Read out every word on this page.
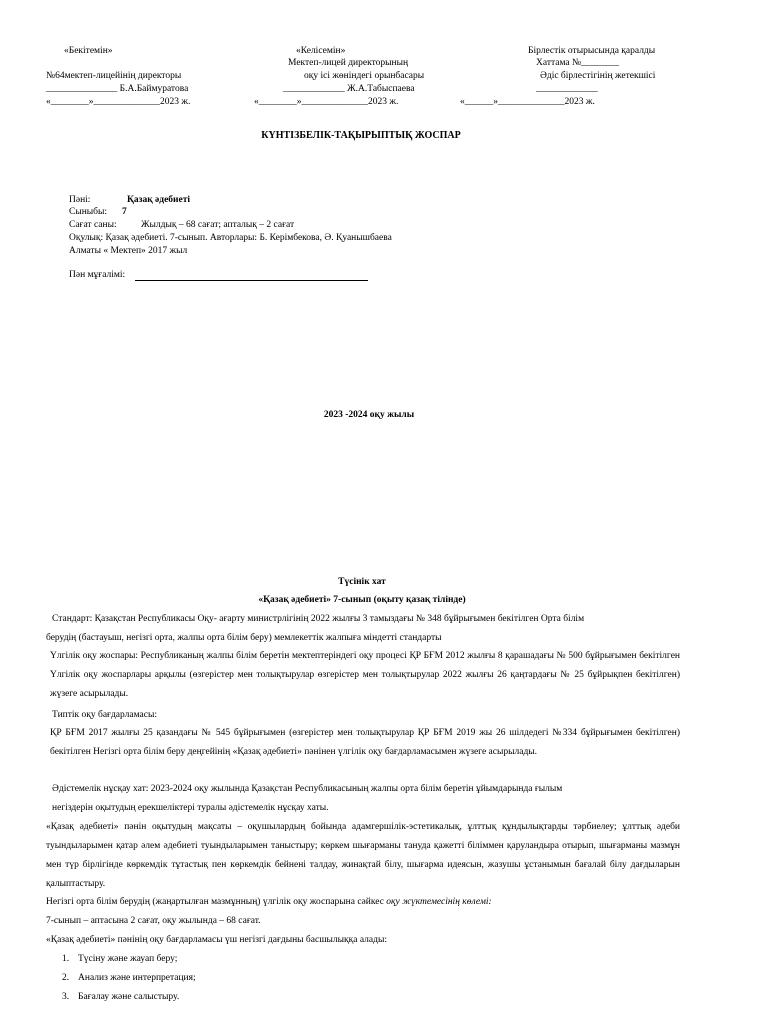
«Бекітемін»
№64мектеп-лицейінің директоры
_______________ Б.А.Баймуратова
«________»______________2023 ж.
«Келісемін»
Мектеп-лицей директорының
оқу ісі жөніндегі орынбасары
_____________ Ж.А.Табыспаева
«________»______________2023 ж.
Бірлестік отырысында қаралды
Хаттама №________
Әдіс бірлестігінің жетекшісі
_____________
«______»______________2023 ж.
КҮНТІЗБЕЛІК-ТАҚЫРЫПТЫҚ ЖОСПАР
Пәні:	Қазақ әдебиеті
Сыныбы: 7
Сағат саны:	Жылдық – 68 сағат; апталық – 2 сағат
Оқулық: Қазақ әдебиеті. 7-сынып. Авторлары: Б. Керімбекова, Ә. Қуанышбаева
Алматы « Мектеп» 2017 жыл
Пән мұғалімі:
2023 -2024 оқу жылы
Түсінік хат
«Қазақ әдебиеті» 7-сынып (оқыту қазақ тілінде)
Стандарт: Қазақстан Республикасы Оқу- ағарту министрлігінің 2022 жылғы 3 тамыздағы № 348 бұйрығымен бекітілген Орта білім
берудің (бастауыш, негізгі орта, жалпы орта білім беру) мемлекеттік жалпыға міндетті стандарты
Үлгілік оқу жоспары: Республиканың жалпы білім беретін мектептеріндегі оқу процесі ҚР БҒМ 2012 жылғы 8 қарашадағы № 500 бұйрығымен бекітілген Үлгілік оқу жоспарлары арқылы (өзгерістер мен толықтырулар өзгерістер мен толықтырулар 2022 жылғы 26 қаңтардағы № 25 бұйрықпен бекітілген) жүзеге асырылады.
Типтік оқу бағдарламасы:
ҚР БҒМ 2017 жылғы 25 қазандағы № 545 бұйрығымен (өзгерістер мен толықтырулар ҚР БҒМ 2019 жы 26 шілдедегі №334 бұйрығымен бекітілген) бекітілген Негізгі орта білім беру деңгейінің «Қазақ әдебиеті» пәнінен үлгілік оқу бағдарламасымен жүзеге асырылады.
Әдістемелік нұсқау хат: 2023-2024 оқу жылында Қазақстан Республикасының жалпы орта білім беретін ұйымдарында ғылым
негіздерін оқытудың ерекшеліктері туралы әдістемелік нұсқау хаты.
«Қазақ әдебиеті» пәнін оқытудың мақсаты – оқушылардың бойында адамгершілік-эстетикалық, ұлттық құндылықтарды тәрбиелеу; ұлттық әдеби туындыларымен қатар әлем әдебиеті туындыларымен таныстыру; көркем шығарманы тануда қажетті біліммен қаруландыра отырып, шығарманы мазмұн мен түр бірлігінде көркемдік тұтастық пен көркемдік бейнені талдау, жинақтай білу, шығарма идеясын, жазушы ұстанымын бағалай білу дағдыларын қалыптастыру.
Негізгі орта білім берудің (жаңартылған мазмұнның) үлгілік оқу жоспарына сәйкес оқу жүктемесінің көлемі:
7-сынып – аптасына 2 сағат, оқу жылында – 68 сағат.
«Қазақ әдебиеті» пәнінің оқу бағдарламасы үш негізгі дағдыны басшылыққа алады:
1. Түсіну және жауап беру;
2. Анализ және интерпретация;
3. Бағалау және салыстыру.
